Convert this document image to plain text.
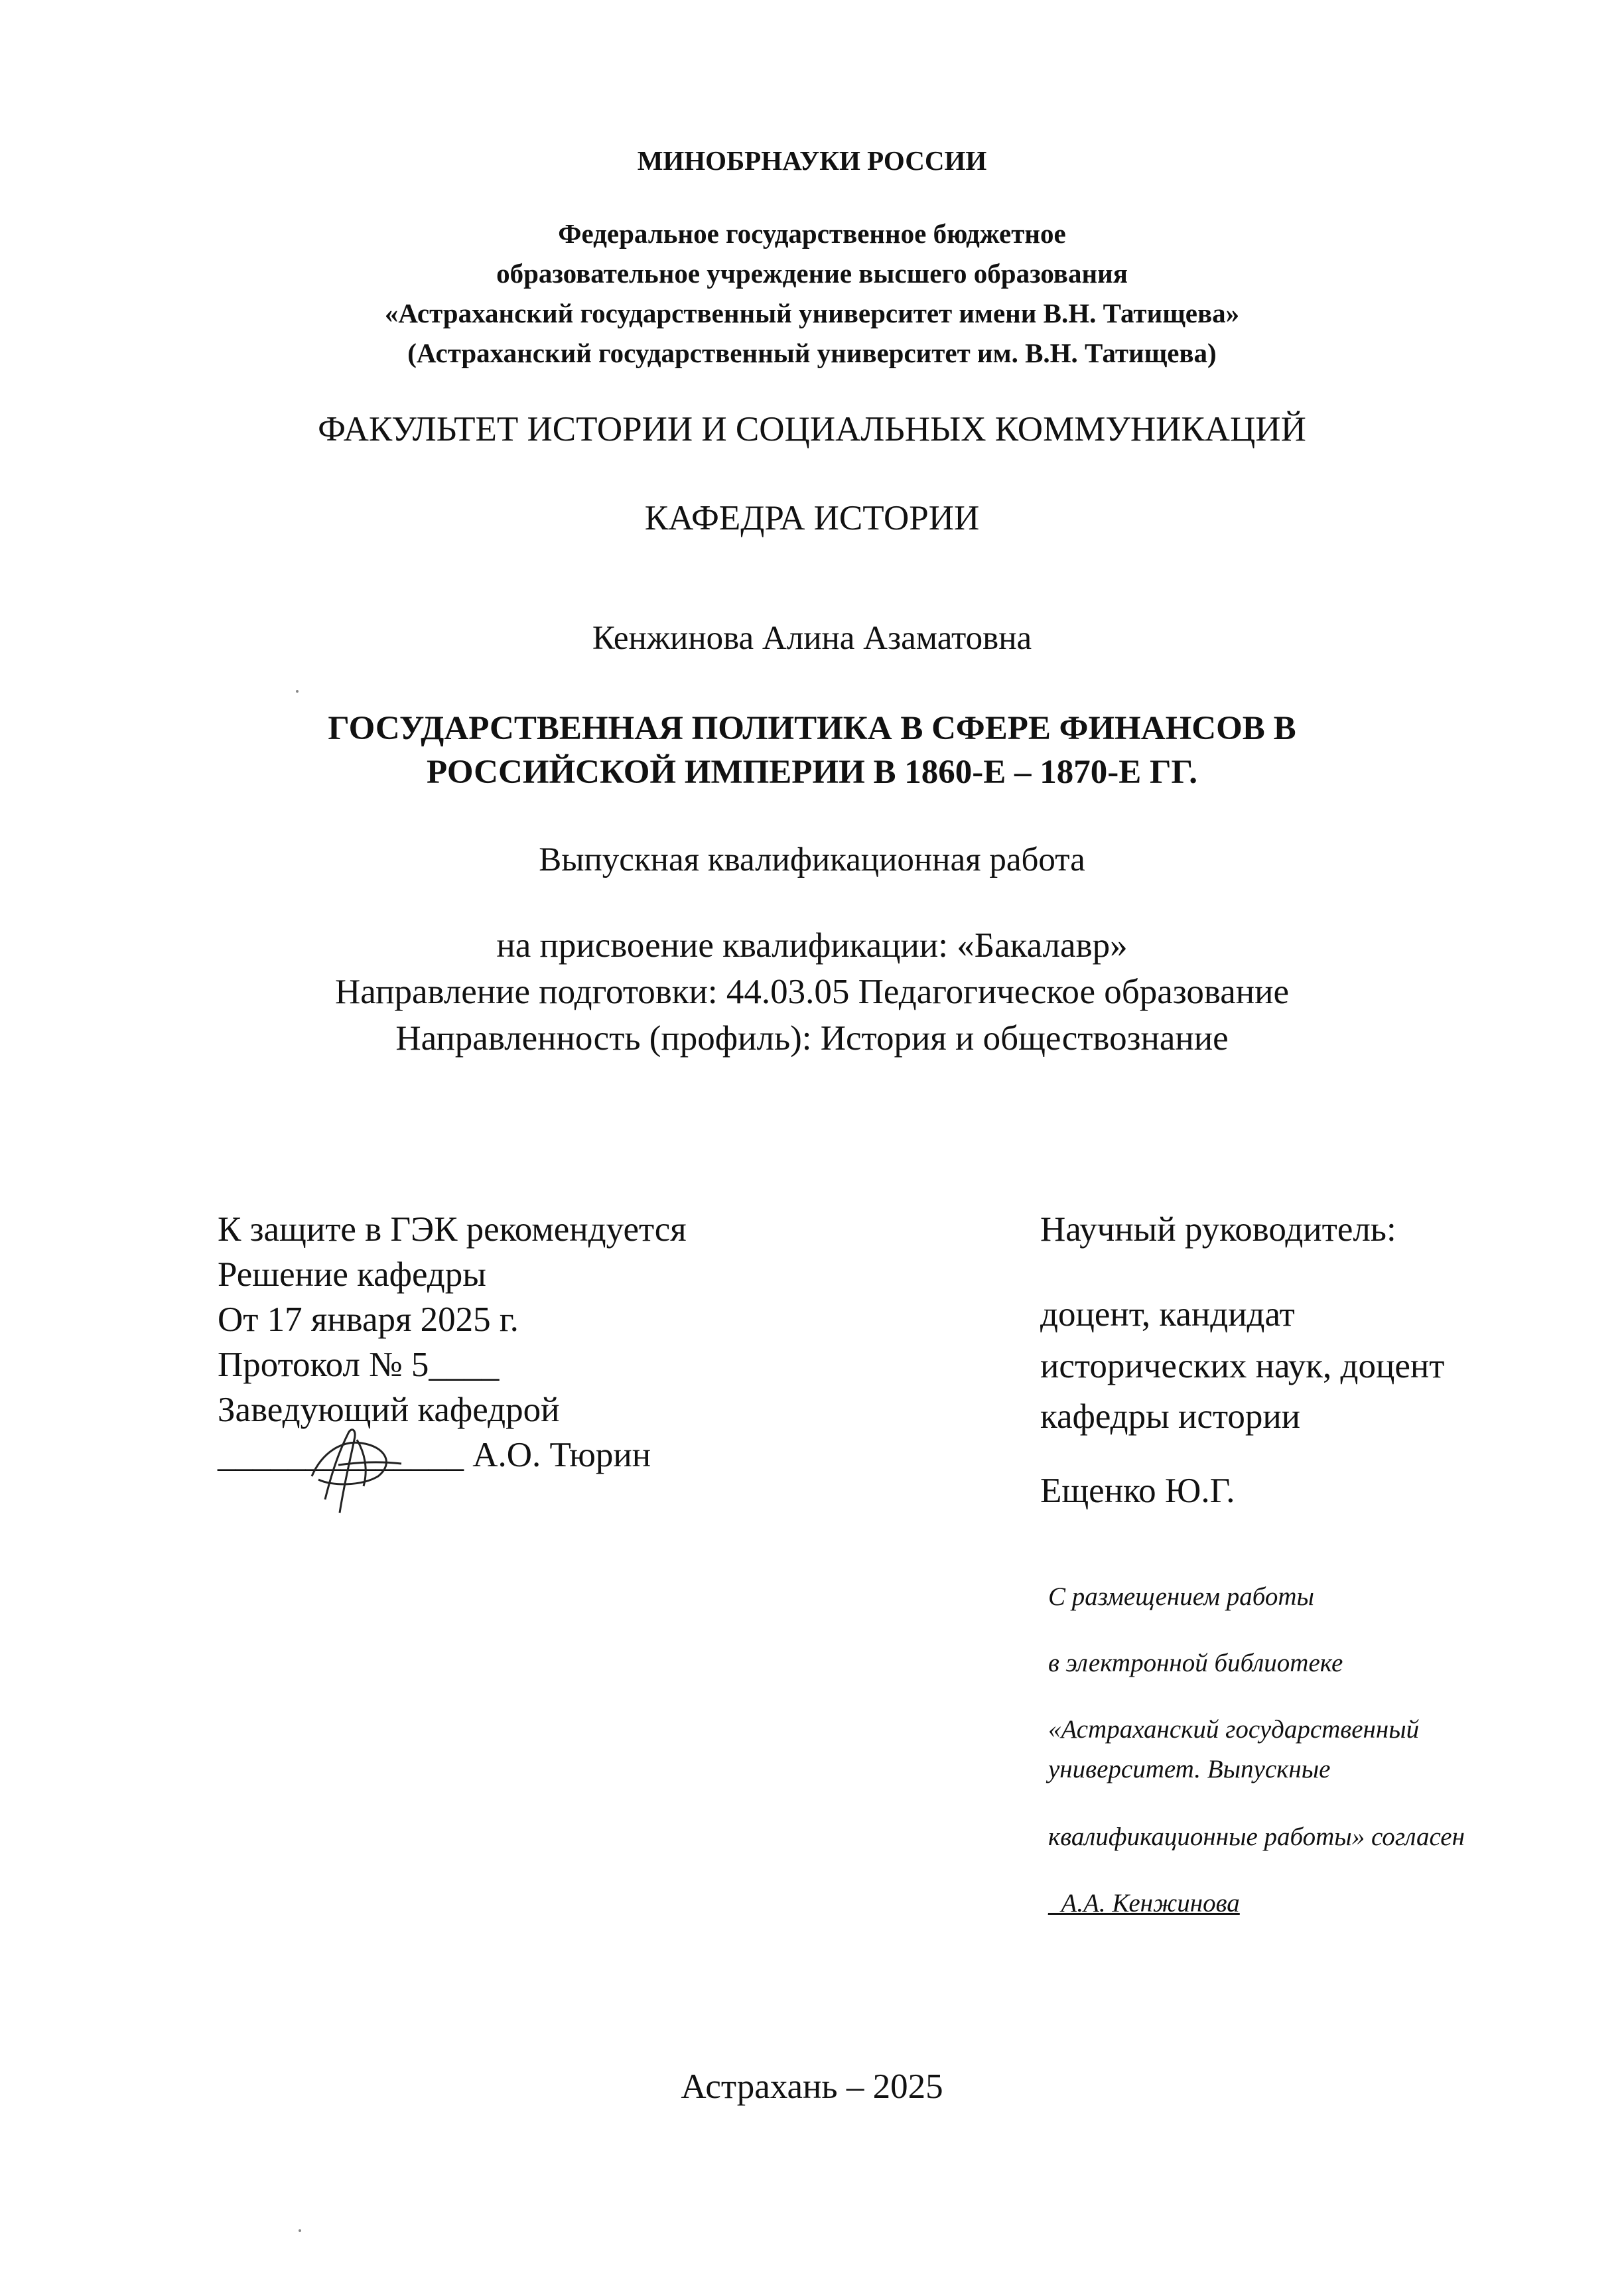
МИНОБРНАУКИ РОССИИ
Федеральное государственное бюджетное
образовательное учреждение высшего образования
«Астраханский государственный университет имени В.Н. Татищева»
(Астраханский государственный университет им. В.Н. Татищева)
ФАКУЛЬТЕТ ИСТОРИИ И СОЦИАЛЬНЫХ КОММУНИКАЦИЙ
КАФЕДРА ИСТОРИИ
Кенжинова Алина Азаматовна
ГОСУДАРСТВЕННАЯ ПОЛИТИКА В СФЕРЕ ФИНАНСОВ В
РОССИЙСКОЙ ИМПЕРИИ В 1860-Е – 1870-Е ГГ.
Выпускная квалификационная работа
на присвоение квалификации: «Бакалавр»
Направление подготовки: 44.03.05 Педагогическое образование
Направленность (профиль): История и обществознание
К защите в ГЭК рекомендуется
Решение кафедры
От 17 января 2025 г.
Протокол № 5____
Заведующий кафедрой
______________ А.О. Тюрин
Научный руководитель:
доцент, кандидат
исторических наук, доцент
кафедры истории
Ещенко Ю.Г.
С размещением работы
в электронной библиотеке
«Астраханский государственный
университет. Выпускные
квалификационные работы» согласен
_А.А. Кенжинова
Астрахань – 2025
